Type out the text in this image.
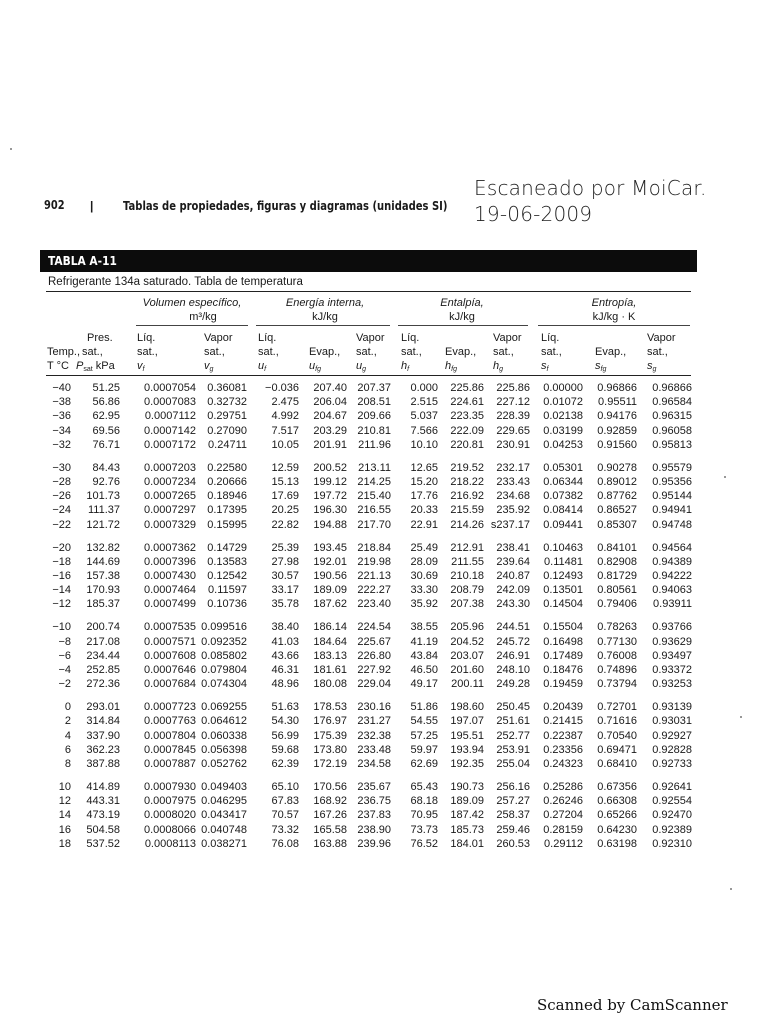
902 | Tablas de propiedades, figuras y diagramas (unidades SI)
Escaneado por MoiCar.
19-06-2009
TABLA A-11
Refrigerante 134a saturado. Tabla de temperatura
Volumen específico,
m³/kg
Energía interna,
kJ/kg
Entalpía,
kJ/kg
Entropía,
kJ/kg · K
Temp.,
T °C
Pres.
sat.,
$P_{sat}$ kPa
Líq.
sat.,
$v_f$
Vapor
sat.,
$v_g$
Líq.
sat.,
$u_f$
Evap.,
$u_{fg}$
Vapor
sat.,
$u_g$
Líq.
sat.,
$h_f$
Evap.,
$h_{fg}$
Vapor
sat.,
$h_g$
Líq.
sat.,
$s_f$
Evap.,
$s_{fg}$
Vapor
sat.,
$s_g$
−40 51.25 0.0007054 0.36081 −0.036 207.40 207.37 0.000 225.86 225.86 0.00000 0.96866 0.96866
−38 56.86 0.0007083 0.32732 2.475 206.04 208.51 2.515 224.61 227.12 0.01072 0.95511 0.96584
−36 62.95 0.0007112 0.29751 4.992 204.67 209.66 5.037 223.35 228.39 0.02138 0.94176 0.96315
−34 69.56 0.0007142 0.27090 7.517 203.29 210.81 7.566 222.09 229.65 0.03199 0.92859 0.96058
−32 76.71 0.0007172 0.24711 10.05 201.91 211.96 10.10 220.81 230.91 0.04253 0.91560 0.95813
−30 84.43 0.0007203 0.22580 12.59 200.52 213.11 12.65 219.52 232.17 0.05301 0.90278 0.95579
−28 92.76 0.0007234 0.20666 15.13 199.12 214.25 15.20 218.22 233.43 0.06344 0.89012 0.95356
−26 101.73 0.0007265 0.18946 17.69 197.72 215.40 17.76 216.92 234.68 0.07382 0.87762 0.95144
−24 111.37 0.0007297 0.17395 20.25 196.30 216.55 20.33 215.59 235.92 0.08414 0.86527 0.94941
−22 121.72 0.0007329 0.15995 22.82 194.88 217.70 22.91 214.26 s237.17 0.09441 0.85307 0.94748
−20 132.82 0.0007362 0.14729 25.39 193.45 218.84 25.49 212.91 238.41 0.10463 0.84101 0.94564
−18 144.69 0.0007396 0.13583 27.98 192.01 219.98 28.09 211.55 239.64 0.11481 0.82908 0.94389
−16 157.38 0.0007430 0.12542 30.57 190.56 221.13 30.69 210.18 240.87 0.12493 0.81729 0.94222
−14 170.93 0.0007464 0.11597 33.17 189.09 222.27 33.30 208.79 242.09 0.13501 0.80561 0.94063
−12 185.37 0.0007499 0.10736 35.78 187.62 223.40 35.92 207.38 243.30 0.14504 0.79406 0.93911
−10 200.74 0.0007535 0.099516 38.40 186.14 224.54 38.55 205.96 244.51 0.15504 0.78263 0.93766
−8 217.08 0.0007571 0.092352 41.03 184.64 225.67 41.19 204.52 245.72 0.16498 0.77130 0.93629
−6 234.44 0.0007608 0.085802 43.66 183.13 226.80 43.84 203.07 246.91 0.17489 0.76008 0.93497
−4 252.85 0.0007646 0.079804 46.31 181.61 227.92 46.50 201.60 248.10 0.18476 0.74896 0.93372
−2 272.36 0.0007684 0.074304 48.96 180.08 229.04 49.17 200.11 249.28 0.19459 0.73794 0.93253
0 293.01 0.0007723 0.069255 51.63 178.53 230.16 51.86 198.60 250.45 0.20439 0.72701 0.93139
2 314.84 0.0007763 0.064612 54.30 176.97 231.27 54.55 197.07 251.61 0.21415 0.71616 0.93031
4 337.90 0.0007804 0.060338 56.99 175.39 232.38 57.25 195.51 252.77 0.22387 0.70540 0.92927
6 362.23 0.0007845 0.056398 59.68 173.80 233.48 59.97 193.94 253.91 0.23356 0.69471 0.92828
8 387.88 0.0007887 0.052762 62.39 172.19 234.58 62.69 192.35 255.04 0.24323 0.68410 0.92733
10 414.89 0.0007930 0.049403 65.10 170.56 235.67 65.43 190.73 256.16 0.25286 0.67356 0.92641
12 443.31 0.0007975 0.046295 67.83 168.92 236.75 68.18 189.09 257.27 0.26246 0.66308 0.92554
14 473.19 0.0008020 0.043417 70.57 167.26 237.83 70.95 187.42 258.37 0.27204 0.65266 0.92470
16 504.58 0.0008066 0.040748 73.32 165.58 238.90 73.73 185.73 259.46 0.28159 0.64230 0.92389
18 537.52 0.0008113 0.038271 76.08 163.88 239.96 76.52 184.01 260.53 0.29112 0.63198 0.92310
Scanned by CamScanner
